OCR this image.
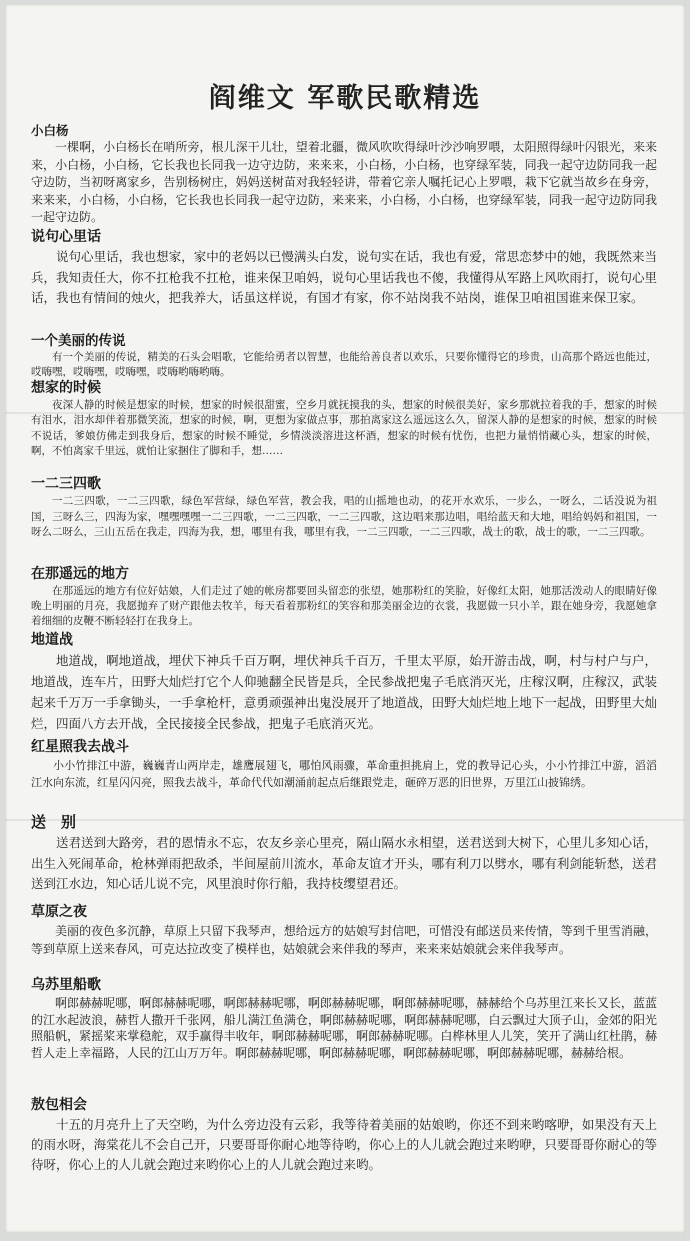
阎维文 军歌民歌精选
小白杨
一棵啊，小白杨长在哨所旁，根儿深干儿壮，望着北疆，微风吹吹得绿叶沙沙响罗喂，太阳照得绿叶闪银光，来来来，小白杨，小白杨，它长我也长同我一边守边防，来来来，小白杨，小白杨，也穿绿军装，同我一起守边防同我一起守边防，当初呀离家乡，告别杨树庄，妈妈送树苗对我轻轻讲，带着它亲人嘱托记心上罗喂，栽下它就当故乡在身旁，来来来，小白杨，小白杨，它长我也长同我一起守边防，来来来，小白杨，小白杨，也穿绿军装，同我一起守边防同我一起守边防。
说句心里话
说句心里话，我也想家，家中的老妈以已慢满头白发，说句实在话，我也有爱，常思恋梦中的她，我既然来当兵，我知责任大，你不扛枪我不扛枪，谁来保卫咱妈，说句心里话我也不傻，我懂得从军路上风吹雨打，说句心里话，我也有情间的烛火，把我养大，话虽这样说，有国才有家，你不站岗我不站岗，谁保卫咱祖国谁来保卫家。
一个美丽的传说
有一个美丽的传说，精美的石头会唱歌，它能给勇者以智慧，也能给善良者以欢乐，只要你懂得它的珍贵，山高那个路远也能过，哎嗨嘿，哎嗨嘿，哎嗨嘿，哎嗨哟嗨哟嗨。
想家的时候
夜深人静的时候是想家的时候，想家的时候很甜蜜，空乡月就抚摸我的头，想家的时候很美好，家乡那就拉着我的手，想家的时候有泪水，泪水却伴着那微笑流，想家的时候，啊，更想为家做点事，那拍离家这么遥远这么久，留深人静的是想家的时候，想家的时候不说话，爹娘仿佛走到我身后，想家的时候不睡觉，乡情淡淡溶进这杯酒，想家的时候有忧伤，也把力量悄悄藏心头，想家的时候，啊，不怕离家千里远，就怕让家捆住了脚和手，想……
一二三四歌
一二三四歌，一二三四歌，绿色军营绿，绿色军营，教会我，唱的山摇地也动，的花开水欢乐，一步么，一呀么，二话没说为祖国，三呀么三，四海为家，嘿嘿嘿嘿一二三四歌，一二三四歌，一二三四歌，这边唱来那边唱，唱给蓝天和大地，唱给妈妈和祖国，一呀么二呀么，三山五岳在我走，四海为我，想，哪里有我，哪里有我，一二三四歌，一二三四歌，战士的歌，战士的歌，一二三四歌。
在那遥远的地方
在那遥远的地方有位好姑娘，人们走过了她的帐房都要回头留恋的张望，她那粉红的笑脸，好像红太阳，她那活泼动人的眼睛好像晚上明丽的月亮，我愿抛弃了财产跟他去牧羊，每天看着那粉红的笑容和那美丽金边的衣裳，我愿做一只小羊，跟在她身旁，我愿她拿着细细的皮鞭不断轻轻打在我身上。
地道战
地道战，啊地道战，埋伏下神兵千百万啊，埋伏神兵千百万，千里太平原，始开游击战，啊，村与村户与户，地道战，连车片，田野大灿烂打它个人仰驰翻全民皆是兵，全民参战把鬼子毛底消灭光，庄稼汉啊，庄稼汉，武装起来千万万一手拿锄头，一手拿枪杆，意勇顽强神出鬼没展开了地道战，田野大灿烂地上地下一起战，田野里大灿烂，四面八方去开战，全民接接全民参战，把鬼子毛底消灭光。
红星照我去战斗
小小竹排江中游，巍巍青山两岸走，雄鹰展翅飞，哪怕风雨骤，革命重担挑肩上，党的教导记心头，小小竹排江中游，滔滔江水向东流，红星闪闪亮，照我去战斗，革命代代如潮涌前起点后继跟党走，砸碎万恶的旧世界，万里江山披锦绣。
送　别
送君送到大路旁，君的恩情永不忘，农友乡亲心里亮，隔山隔水永相望，送君送到大树下，心里儿多知心话，出生入死闹革命，枪林弹雨把敌杀，半间屋前川流水，革命友谊才开头，哪有利刀以劈水，哪有利剑能斩愁，送君送到江水边，知心话儿说不完，风里浪时你行船，我持枝缨望君还。
草原之夜
美丽的夜色多沉静，草原上只留下我琴声，想给远方的姑娘写封信吧，可惜没有邮送员来传情，等到千里雪消融，等到草原上送来春风，可克达拉改变了模样也，姑娘就会来伴我的琴声，来来来姑娘就会来伴我琴声。
乌苏里船歌
啊郎赫赫呢哪，啊郎赫赫呢哪，啊郎赫赫呢哪，啊郎赫赫呢哪，啊郎赫赫呢哪，赫赫给个乌苏里江来长又长，蓝蓝的江水起波浪，赫哲人撒开千张网，船儿满江鱼满仓，啊郎赫赫呢哪，啊郎赫赫呢哪，白云飘过大顶子山，金郊的阳光照船帆，紧摇桨来掌稳舵，双手赢得丰收年，啊郎赫赫呢哪，啊郎赫赫呢哪。白桦林里人儿笑，笑开了满山红杜鹃，赫哲人走上幸福路，人民的江山万万年。啊郎赫赫呢哪，啊郎赫赫呢哪，啊郎赫赫呢哪，啊郎赫赫呢哪，赫赫给根。
敖包相会
十五的月亮升上了天空哟，为什么旁边没有云彩，我等待着美丽的姑娘哟，你还不到来哟喀咿，如果没有天上的雨水呀，海棠花儿不会自己开，只要哥哥你耐心地等待哟，你心上的人儿就会跑过来哟咿，只要哥哥你耐心的等待呀，你心上的人儿就会跑过来哟你心上的人儿就会跑过来哟。
